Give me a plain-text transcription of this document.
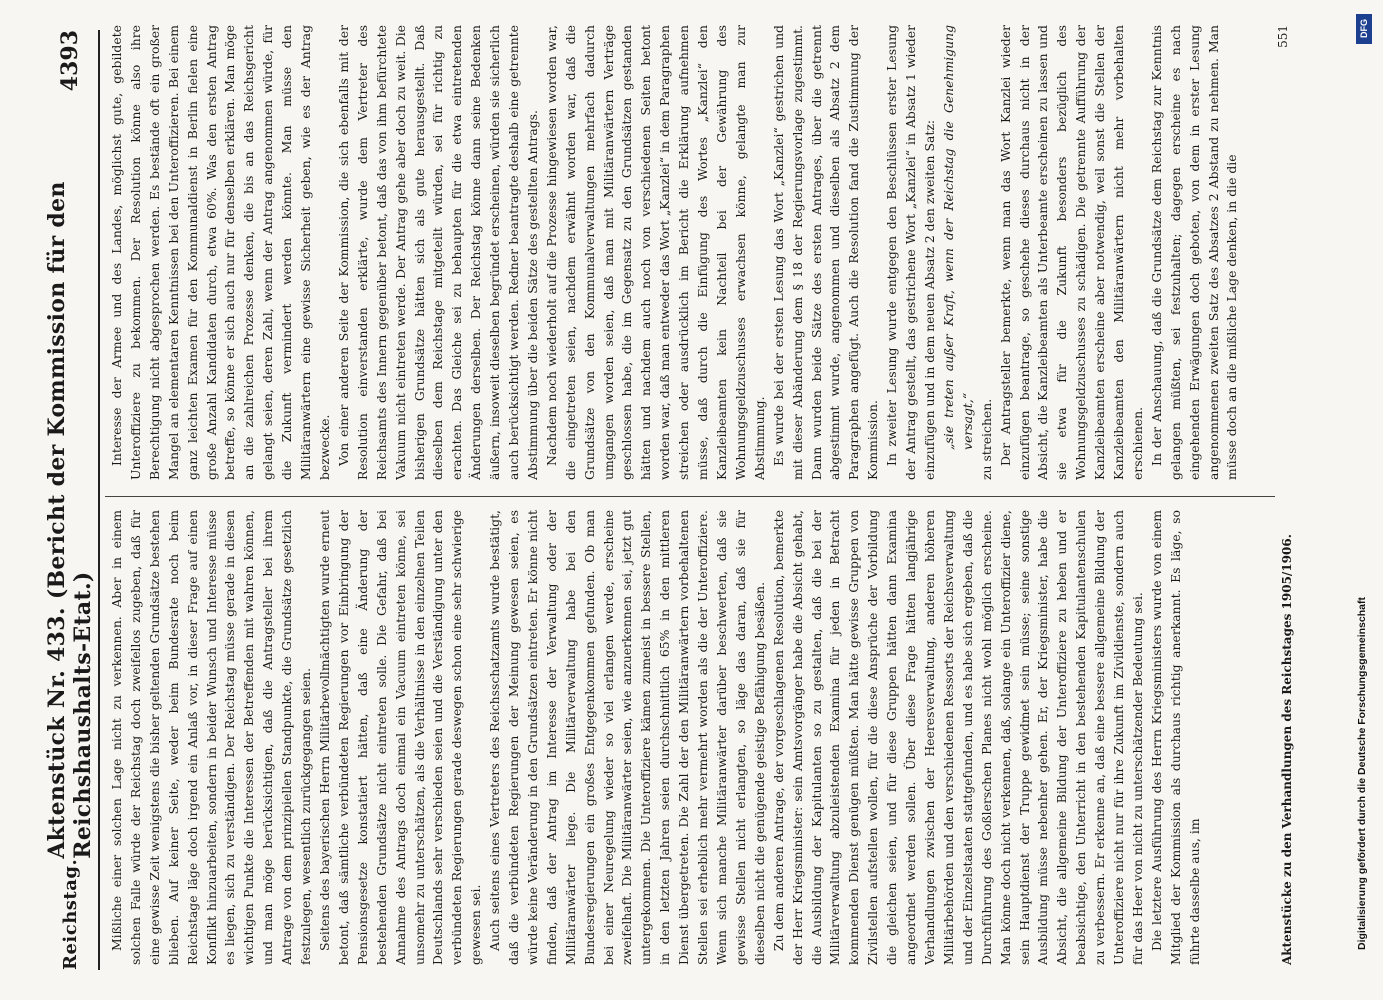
Reichstag.
Aktenstück Nr. 433. (Bericht der Kommission für den Reichshaushalts-Etat.)
4393

Mißliche einer solchen Lage nicht zu verkennen. Aber in einem solchen Falle würde der Reichstag doch zweifellos zugeben, daß für eine gewisse Zeit wenigstens die bisher geltenden Grundsätze bestehen blieben. Auf keiner Seite, weder beim Bundesrate noch beim Reichstage läge doch irgend ein Anlaß vor, in dieser Frage auf einen Konflikt hinzuarbeiten, sondern in beider Wunsch und Interesse müsse es liegen, sich zu verständigen. Der Reichstag müsse gerade in diesen wichtigen Punkte die Interessen der Betreffenden mit wahren können, und man möge berücksichtigen, daß die Antragsteller bei ihrem Antrage von dem prinzipiellen Standpunkte, die Grundsätze gesetzlich festzulegen, wesentlich zurückgegangen seien. Seitens des bayerischen Herrn Militärbevollmächtigten wurde erneut betont, daß sämtliche verbündeten Regierungen vor Einbringung der Pensionsgesetze konstatiert hätten, daß eine Änderung der bestehenden Grundsätze nicht eintreten solle. Die Gefahr, daß bei Annahme des Antrags doch einmal ein Vacuum eintreten könne, sei unsomehr zu unterschätzen, als die Verhältnisse in den einzelnen Teilen Deutschlands sehr verschieden seien und die Verständigung unter den verbündeten Regierungen gerade deswegen schon eine sehr schwierige gewesen sei. Auch seitens eines Vertreters des Reichsschatzamts wurde bestätigt, daß die verbündeten Regierungen der Meinung gewesen seien, es würde keine Veränderung in den Grundsätzen eintreten. Er könne nicht finden, daß der Antrag im Interesse der Verwaltung oder der Militäranwärter liege. Die Militärverwaltung habe bei den Bundesregierungen ein großes Entgegenkommen gefunden. Ob man bei einer Neuregelung wieder so viel erlangen werde, erscheine zweifelhaft. Die Militäranwärter seien, wie anzuerkennen sei, jetzt gut untergekommen. Die Unteroffiziere kämen zumeist in bessere Stellen, in den letzten Jahren seien durchschnittlich 65% in den mittleren Dienst übergetreten. Die Zahl der den Militäranwärtern vorbehaltenen Stellen sei erheblich mehr vermehrt worden als die der Unteroffiziere. Wenn sich manche Militäranwärter darüber beschwerten, daß sie gewisse Stellen nicht erlangten, so läge das daran, daß sie für dieselben nicht die genügende geistige Befähigung besäßen. Zu dem anderen Antrage, der vorgeschlagenen Resolution, bemerkte der Herr Kriegsminister: sein Amtsvorgänger habe die Absicht gehabt, die Ausbildung der Kapitulanten so zu gestalten, daß die bei der Militärverwaltung abzuleistenden Examina für jeden in Betracht kommenden Dienst genügen müßten. Man hätte gewisse Gruppen von Zivilstellen aufstellen wollen, für die diese Ansprüche der Vorbildung die gleichen seien, und für diese Gruppen hätten dann Examina angeordnet werden sollen. Über diese Frage hätten langjährige Verhandlungen zwischen der Heeresverwaltung, anderen höheren Militärbehörden und den verschiedenen Ressorts der Reichsverwaltung und der Einzelstaaten stattgefunden, und es habe sich ergeben, daß die Durchführung des Goßlerschen Planes nicht wohl möglich erscheine. Man könne doch nicht verkennen, daß, solange ein Unteroffizier diene, sein Hauptdienst der Truppe gewidmet sein müsse; seine sonstige Ausbildung müsse nebenher gehen. Er, der Kriegsminister, habe die Absicht, die allgemeine Bildung der Unteroffiziere zu heben und er beabsichtige, den Unterricht in den bestehenden Kapitulantenschulen zu verbessern. Er erkenne an, daß eine bessere allgemeine Bildung der Unteroffiziere nicht nur für ihre Zukunft im Zivildienste, sondern auch für das Heer von nicht zu unterschätzender Bedeutung sei. Die letztere Ausführung des Herrn Kriegsministers wurde von einem Mitglied der Kommission als durchaus richtig anerkannt. Es läge, so führte dasselbe aus, im

Interesse der Armee und des Landes, möglichst gute, gebildete Unteroffiziere zu bekommen. Der Resolution könne also ihre Berechtigung nicht abgesprochen werden. Es bestände oft ein großer Mangel an elementaren Kenntnissen bei den Unteroffizieren. Bei einem ganz leichten Examen für den Kommunaldienst in Berlin fielen eine große Anzahl Kandidaten durch, etwa 60%. Was den ersten Antrag betreffe, so könne er sich auch nur für denselben erklären. Man möge an die zahlreichen Prozesse denken, die bis an das Reichsgericht gelangt seien, deren Zahl, wenn der Antrag angenommen würde, für die Zukunft vermindert werden könnte. Man müsse den Militäranwärtern eine gewisse Sicherheit geben, wie es der Antrag bezwecke. Von einer anderen Seite der Kommission, die sich ebenfalls mit der Resolution einverstanden erklärte, wurde dem Vertreter des Reichsamts des Innern gegenüber betont, daß das von ihm befürchtete Vakuum nicht eintreten werde. Der Antrag gehe aber doch zu weit. Die bisherigen Grundsätze hätten sich als gute herausgestellt. Daß dieselben dem Reichstage mitgeteilt würden, sei für richtig zu erachten. Das Gleiche sei zu behaupten für die etwa eintretenden Änderungen derselben. Der Reichstag könne dann seine Bedenken äußern, insoweit dieselben begründet erscheinen, würden sie sicherlich auch berücksichtigt werden. Redner beantragte deshalb eine getrennte Abstimmung über die beiden Sätze des gestellten Antrags. Nachdem noch wiederholt auf die Prozesse hingewiesen worden war, die eingetreten seien, nachdem erwähnt worden war, daß die Grundsätze von den Kommunalverwaltungen mehrfach dadurch umgangen worden seien, daß man mit Militäranwärtern Verträge geschlossen habe, die im Gegensatz zu den Grundsätzen gestanden hätten und nachdem auch noch von verschiedenen Seiten betont worden war, daß man entweder das Wort „Kanzlei“ in dem Paragraphen streichen oder ausdrücklich im Bericht die Erklärung aufnehmen müsse, daß durch die Einfügung des Wortes „Kanzlei“ den Kanzleibeamten kein Nachteil bei der Gewährung des Wohnungsgeldzuschusses erwachsen könne, gelangte man zur Abstimmung. Es wurde bei der ersten Lesung das Wort „Kanzlei“ gestrichen und mit dieser Abänderung dem § 18 der Regierungsvorlage zugestimmt. Dann wurden beide Sätze des ersten Antrages, über die getrennt abgestimmt wurde, angenommen und dieselben als Absatz 2 dem Paragraphen angefügt. Auch die Resolution fand die Zustimmung der Kommission. In zweiter Lesung wurde entgegen den Beschlüssen erster Lesung der Antrag gestellt, das gestrichene Wort „Kanzlei“ in Absatz 1 wieder einzufügen und in dem neuen Absatz 2 den zweiten Satz: „sie treten außer Kraft, wenn der Reichstag die Genehmigung versagt,“ zu streichen. Der Antragsteller bemerkte, wenn man das Wort Kanzlei wieder einzufügen beantrage, so geschehe dieses durchaus nicht in der Absicht, die Kanzleibeamten als Unterbeamte erscheinen zu lassen und sie etwa für die Zukunft besonders bezüglich des Wohnungsgeldzuschusses zu schädigen. Die getrennte Aufführung der Kanzleibeamten erscheine aber notwendig, weil sonst die Stellen der Kanzleibeamten den Militäranwärtern nicht mehr vorbehalten erschienen. In der Anschauung, daß die Grundsätze dem Reichstag zur Kenntnis gelangen müßten, sei festzuhalten; dagegen erscheine es nach eingehenden Erwägungen doch geboten, von dem in erster Lesung angenommenen zweiten Satz des Absatzes 2 Abstand zu nehmen. Man müsse doch an die mißliche Lage denken, in die die

Aktenstücke zu den Verhandlungen des Reichstages 1905/1906.
551	DFG
Digitalisierung gefördert durch die Deutsche Forschungsgemeinschaft
